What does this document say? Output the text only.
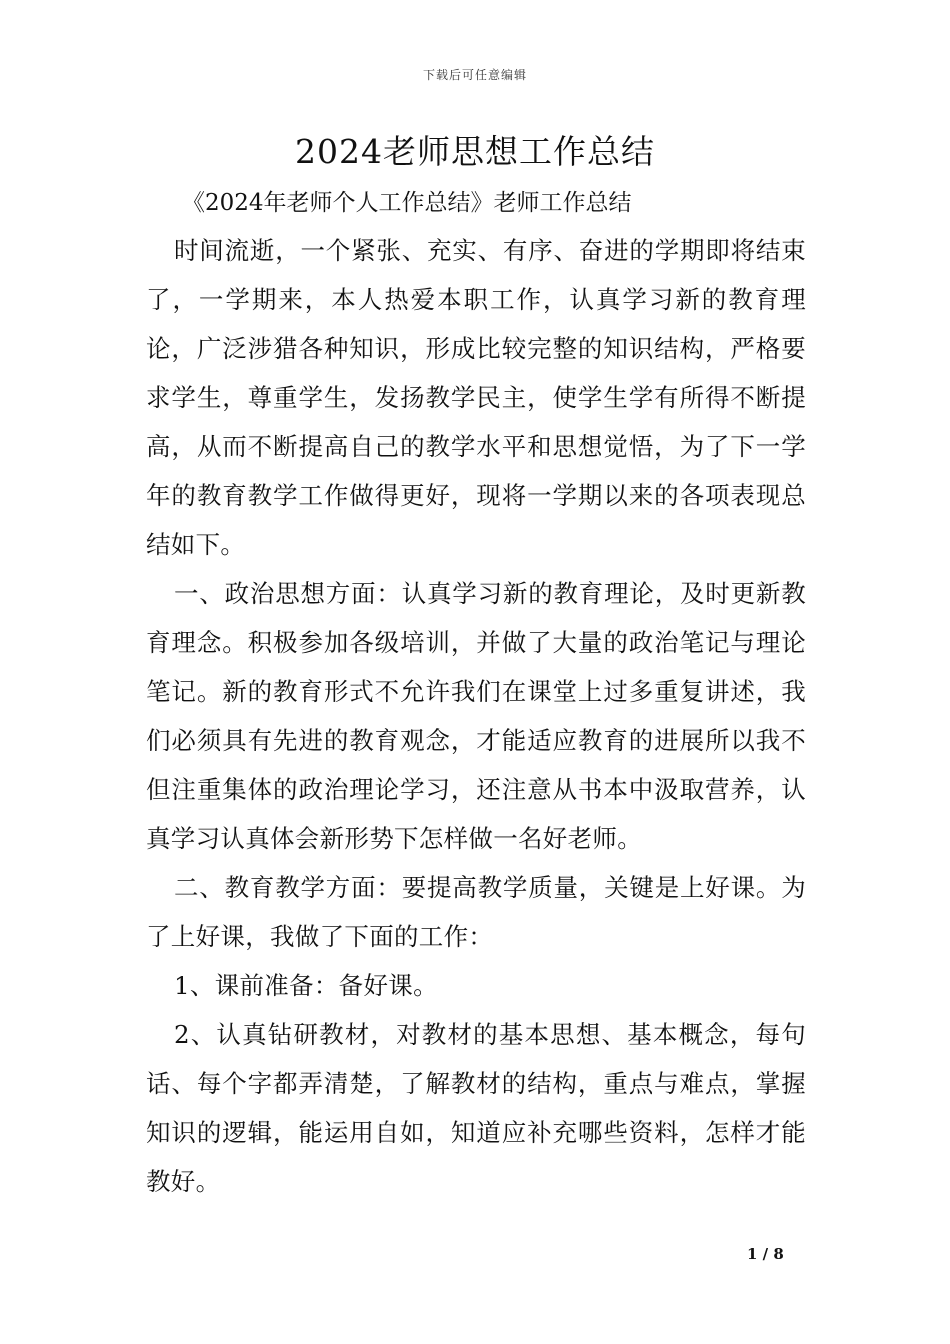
下载后可任意编辑
2024老师思想工作总结
《2024年老师个人工作总结》老师工作总结

时间流逝，一个紧张、充实、有序、奋进的学期即将结束了，一学期来，本人热爱本职工作，认真学习新的教育理论，广泛涉猎各种知识，形成比较完整的知识结构，严格要求学生，尊重学生，发扬教学民主，使学生学有所得不断提高，从而不断提高自己的教学水平和思想觉悟，为了下一学年的教育教学工作做得更好，现将一学期以来的各项表现总结如下。

一、政治思想方面：认真学习新的教育理论，及时更新教育理念。积极参加各级培训，并做了大量的政治笔记与理论笔记。新的教育形式不允许我们在课堂上过多重复讲述，我们必须具有先进的教育观念，才能适应教育的进展所以我不但注重集体的政治理论学习，还注意从书本中汲取营养，认真学习认真体会新形势下怎样做一名好老师。

二、教育教学方面：要提高教学质量，关键是上好课。为了上好课，我做了下面的工作：

1、课前准备：备好课。

2、认真钻研教材，对教材的基本思想、基本概念，每句话、每个字都弄清楚，了解教材的结构，重点与难点，掌握知识的逻辑，能运用自如，知道应补充哪些资料，怎样才能教好。

1 / 8
